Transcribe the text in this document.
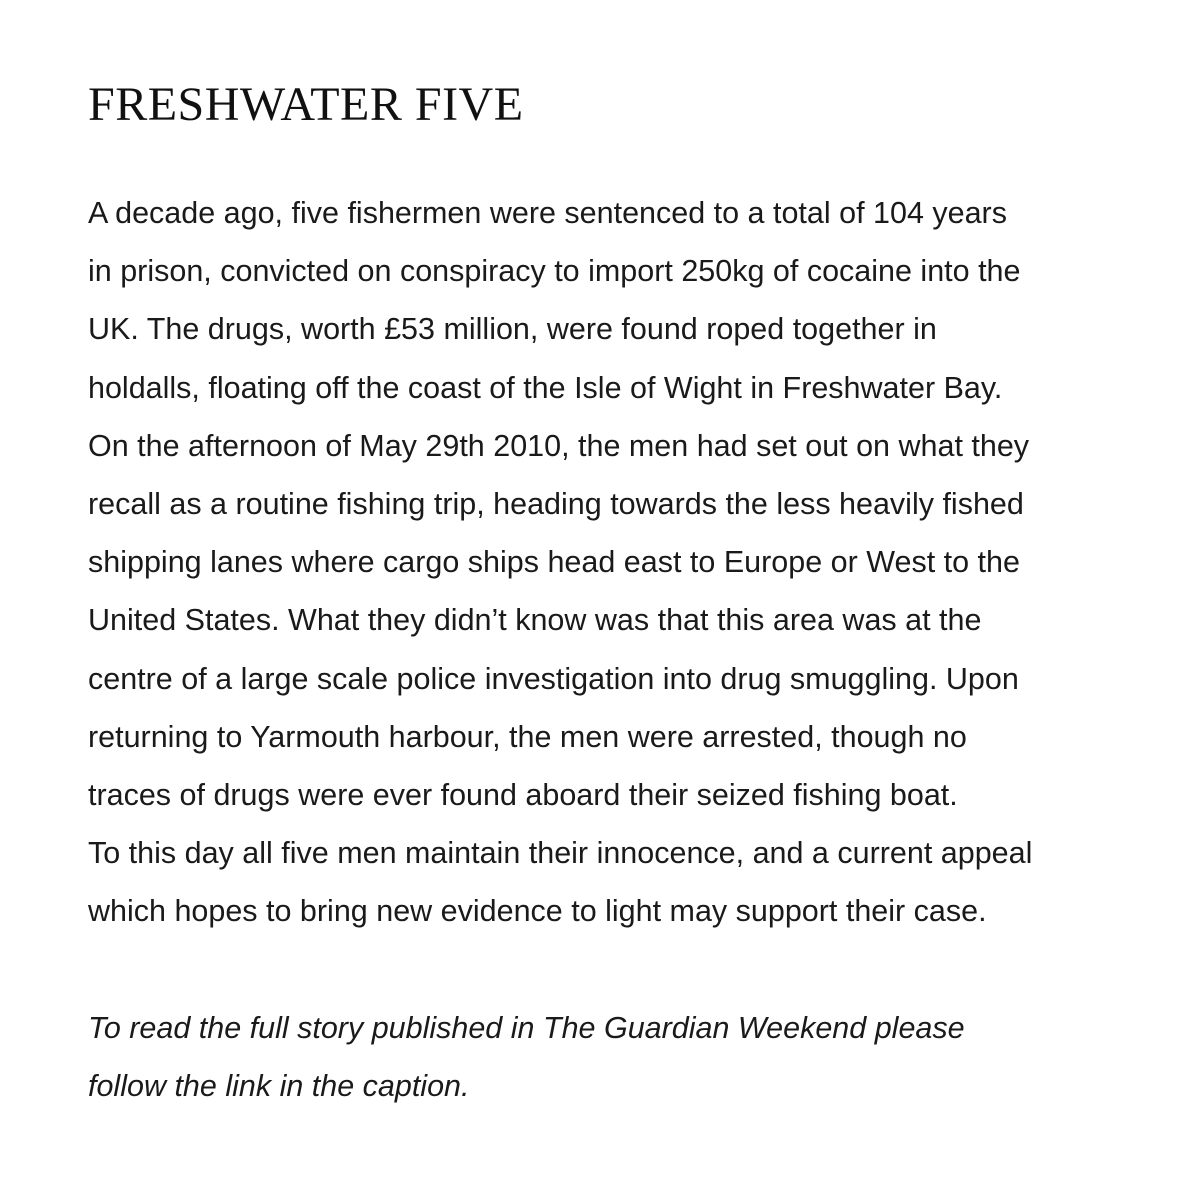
FRESHWATER FIVE
A decade ago, five fishermen were sentenced to a total of 104 years
in prison, convicted on conspiracy to import 250kg of cocaine into the
UK. The drugs, worth £53 million, were found roped together in
holdalls, floating off the coast of the Isle of Wight in Freshwater Bay.
On the afternoon of May 29th 2010, the men had set out on what they
recall as a routine fishing trip, heading towards the less heavily fished
shipping lanes where cargo ships head east to Europe or West to the
United States. What they didn’t know was that this area was at the
centre of a large scale police investigation into drug smuggling. Upon
returning to Yarmouth harbour, the men were arrested, though no
traces of drugs were ever found aboard their seized fishing boat.
To this day all five men maintain their innocence, and a current appeal
which hopes to bring new evidence to light may support their case.
To read the full story published in The Guardian Weekend please
follow the link in the caption.
